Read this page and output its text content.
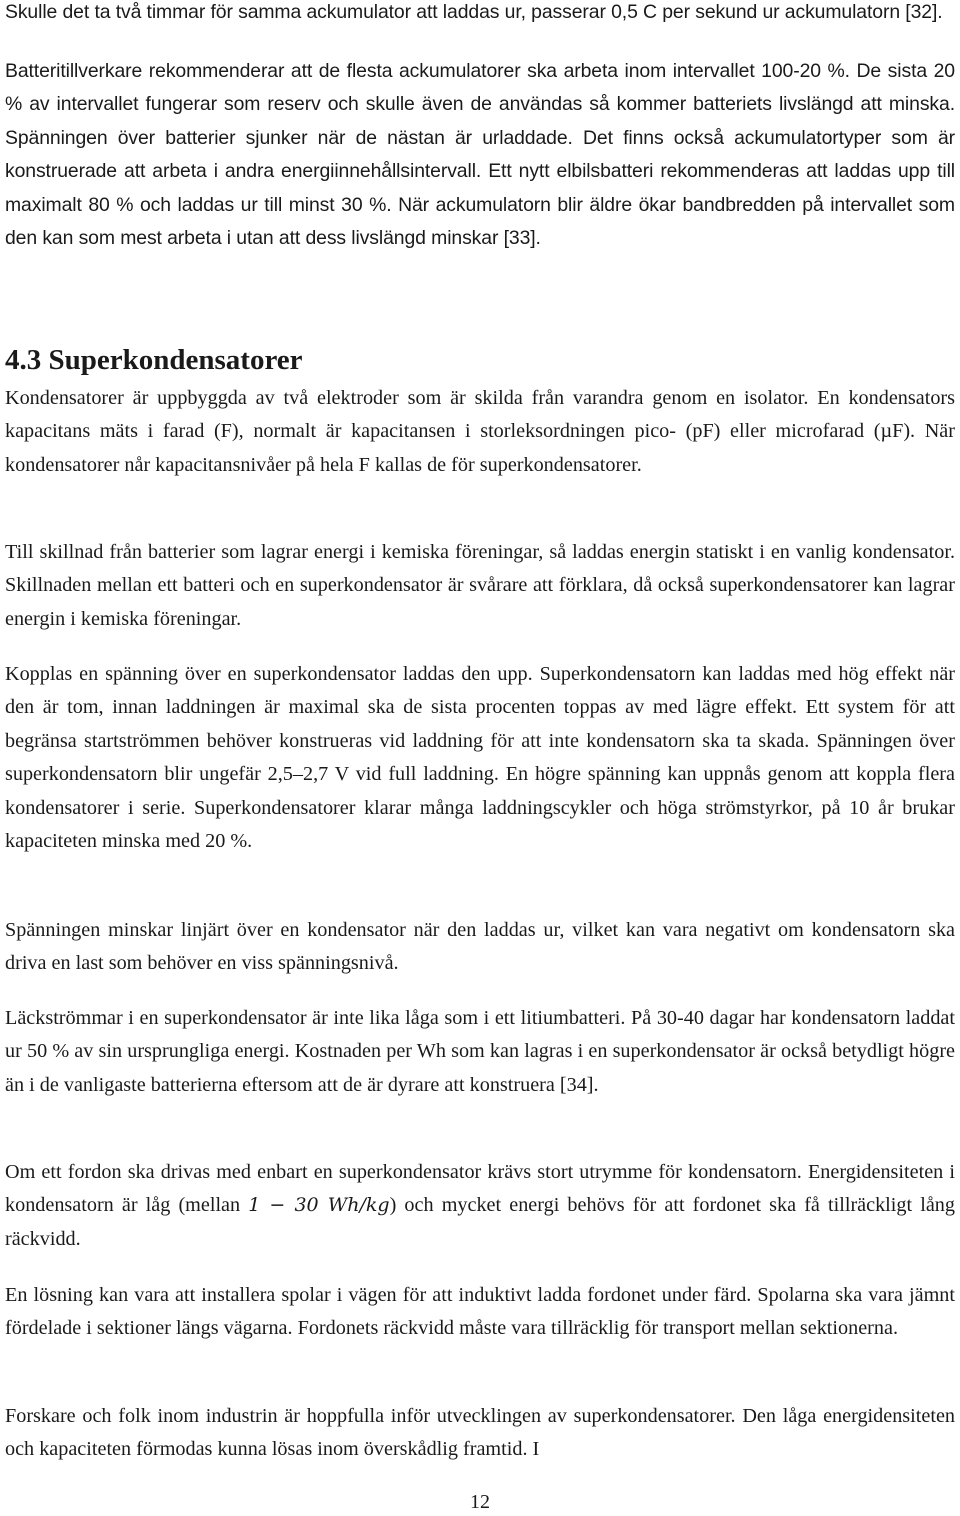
Skulle det ta två timmar för samma ackumulator att laddas ur, passerar 0,5 C per sekund ur ackumulatorn [32].

Batteritillverkare rekommenderar att de flesta ackumulatorer ska arbeta inom intervallet 100-20 %. De sista 20 % av intervallet fungerar som reserv och skulle även de användas så kommer batteriets livslängd att minska. Spänningen över batterier sjunker när de nästan är urladdade. Det finns också ackumulatortyper som är konstruerade att arbeta i andra energiinnehållsintervall. Ett nytt elbilsbatteri rekommenderas att laddas upp till maximalt 80 % och laddas ur till minst 30 %. När ackumulatorn blir äldre ökar bandbredden på intervallet som den kan som mest arbeta i utan att dess livslängd minskar [33].

4.3 Superkondensatorer

Kondensatorer är uppbyggda av två elektroder som är skilda från varandra genom en isolator. En kondensators kapacitans mäts i farad (F), normalt är kapacitansen i storleksordningen pico- (pF) eller microfarad (µF). När kondensatorer når kapacitansnivåer på hela F kallas de för superkondensatorer.

Till skillnad från batterier som lagrar energi i kemiska föreningar, så laddas energin statiskt i en vanlig kondensator. Skillnaden mellan ett batteri och en superkondensator är svårare att förklara, då också superkondensatorer kan lagrar energin i kemiska föreningar.

Kopplas en spänning över en superkondensator laddas den upp. Superkondensatorn kan laddas med hög effekt när den är tom, innan laddningen är maximal ska de sista procenten toppas av med lägre effekt. Ett system för att begränsa startströmmen behöver konstrueras vid laddning för att inte kondensatorn ska ta skada. Spänningen över superkondensatorn blir ungefär 2,5–2,7 V vid full laddning. En högre spänning kan uppnås genom att koppla flera kondensatorer i serie. Superkondensatorer klarar många laddningscykler och höga strömstyrkor, på 10 år brukar kapaciteten minska med 20 %.

Spänningen minskar linjärt över en kondensator när den laddas ur, vilket kan vara negativt om kondensatorn ska driva en last som behöver en viss spänningsnivå.

Läckströmmar i en superkondensator är inte lika låga som i ett litiumbatteri. På 30-40 dagar har kondensatorn laddat ur 50 % av sin ursprungliga energi. Kostnaden per Wh som kan lagras i en superkondensator är också betydligt högre än i de vanligaste batterierna eftersom att de är dyrare att konstruera [34].

Om ett fordon ska drivas med enbart en superkondensator krävs stort utrymme för kondensatorn. Energidensiteten i kondensatorn är låg (mellan 1 − 30 Wh/kg) och mycket energi behövs för att fordonet ska få tillräckligt lång räckvidd.

En lösning kan vara att installera spolar i vägen för att induktivt ladda fordonet under färd. Spolarna ska vara jämnt fördelade i sektioner längs vägarna. Fordonets räckvidd måste vara tillräcklig för transport mellan sektionerna.

Forskare och folk inom industrin är hoppfulla inför utvecklingen av superkondensatorer. Den låga energidensiteten och kapaciteten förmodas kunna lösas inom överskådlig framtid. I

12
